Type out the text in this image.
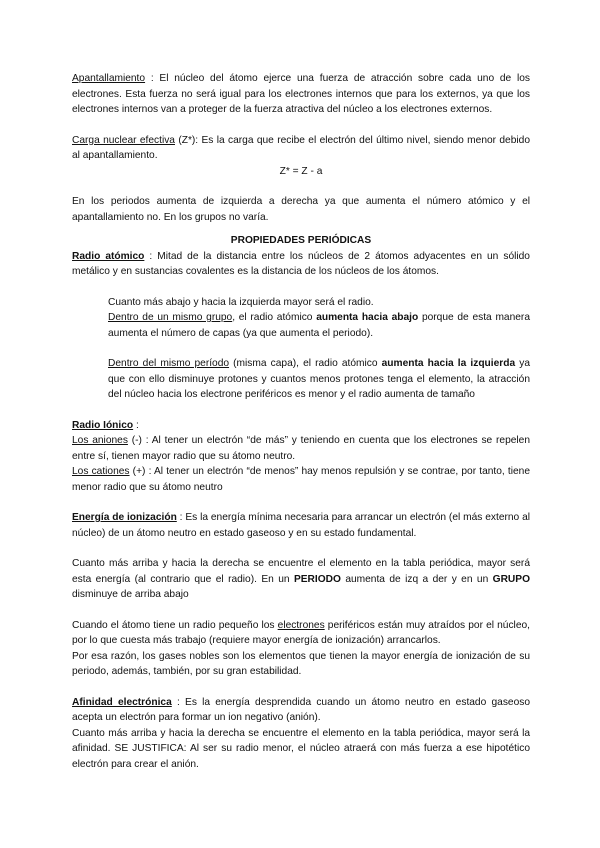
Apantallamiento : El núcleo del átomo ejerce una fuerza de atracción sobre cada uno de los electrones. Esta fuerza no será igual para los electrones internos que para los externos, ya que los electrones internos van a proteger de la fuerza atractiva del núcleo a los electrones externos.

Carga nuclear efectiva (Z*): Es la carga que recibe el electrón del último nivel, siendo menor debido al apantallamiento.

Z* = Z - a

En los periodos aumenta de izquierda a derecha ya que aumenta el número atómico y el apantallamiento no. En los grupos no varía.

PROPIEDADES PERIÓDICAS

Radio atómico : Mitad de la distancia entre los núcleos de 2 átomos adyacentes en un sólido metálico y en sustancias covalentes es la distancia de los núcleos de los átomos.

Cuanto más abajo y hacia la izquierda mayor será el radio.

Dentro de un mismo grupo, el radio atómico aumenta hacia abajo porque de esta manera aumenta el número de capas (ya que aumenta el periodo).

Dentro del mismo período (misma capa), el radio atómico aumenta hacia la izquierda ya que con ello disminuye protones y cuantos menos protones tenga el elemento, la atracción del núcleo hacia los electrone periféricos es menor y el radio aumenta de tamaño

Radio Iónico :

Los aniones (-) : Al tener un electrón “de más” y teniendo en cuenta que los electrones se repelen entre sí, tienen mayor radio que su átomo neutro.

Los cationes (+) : Al tener un electrón “de menos” hay menos repulsión y se contrae, por tanto, tiene menor radio que su átomo neutro

Energía de ionización : Es la energía mínima necesaria para arrancar un electrón (el más externo al núcleo) de un átomo neutro en estado gaseoso y en su estado fundamental.

Cuanto más arriba y hacia la derecha se encuentre el elemento en la tabla periódica, mayor será esta energía (al contrario que el radio). En un PERIODO aumenta de izq a der y en un GRUPO disminuye de arriba abajo

Cuando el átomo tiene un radio pequeño los electrones periféricos están muy atraídos por el núcleo, por lo que cuesta más trabajo (requiere mayor energía de ionización) arrancarlos.

Por esa razón, los gases nobles son los elementos que tienen la mayor energía de ionización de su periodo, además, también, por su gran estabilidad.

Afinidad electrónica : Es la energía desprendida cuando un átomo neutro en estado gaseoso acepta un electrón para formar un ion negativo (anión).

Cuanto más arriba y hacia la derecha se encuentre el elemento en la tabla periódica, mayor será la afinidad. SE JUSTIFICA: Al ser su radio menor, el núcleo atraerá con más fuerza a ese hipotético electrón para crear el anión.
